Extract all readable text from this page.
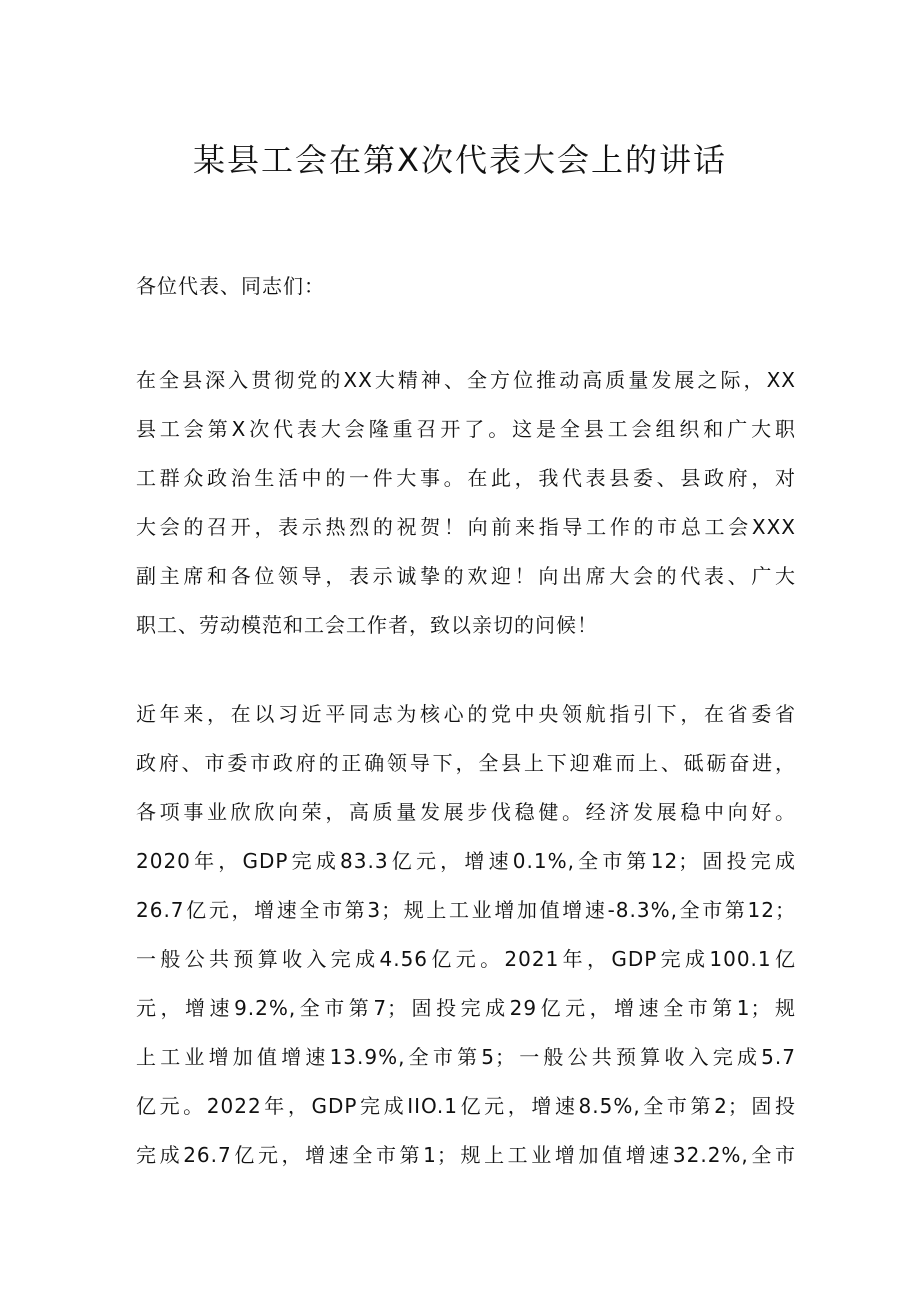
某县工会在第X次代表大会上的讲话
各位代表、同志们：
在全县深入贯彻党的XX大精神、全方位推动高质量发展之际，XX
县工会第X次代表大会隆重召开了。这是全县工会组织和广大职
工群众政治生活中的一件大事。在此，我代表县委、县政府，对
大会的召开，表示热烈的祝贺！向前来指导工作的市总工会XXX
副主席和各位领导，表示诚挚的欢迎！向出席大会的代表、广大
职工、劳动模范和工会工作者，致以亲切的问候！
近年来，在以习近平同志为核心的党中央领航指引下，在省委省
政府、市委市政府的正确领导下，全县上下迎难而上、砥砺奋进，
各项事业欣欣向荣，高质量发展步伐稳健。经济发展稳中向好。
2020年，GDP完成83.3亿元，增速0.1%,全市第12；固投完成
26.7亿元，增速全市第3；规上工业增加值增速-8.3%,全市第12；
一般公共预算收入完成4.56亿元。2021年，GDP完成100.1亿
元，增速9.2%,全市第7；固投完成29亿元，增速全市第1；规
上工业增加值增速13.9%,全市第5；一般公共预算收入完成5.7
亿元。2022年，GDP完成IIO.1亿元，增速8.5%,全市第2；固投
完成26.7亿元，增速全市第1；规上工业增加值增速32.2%,全市
